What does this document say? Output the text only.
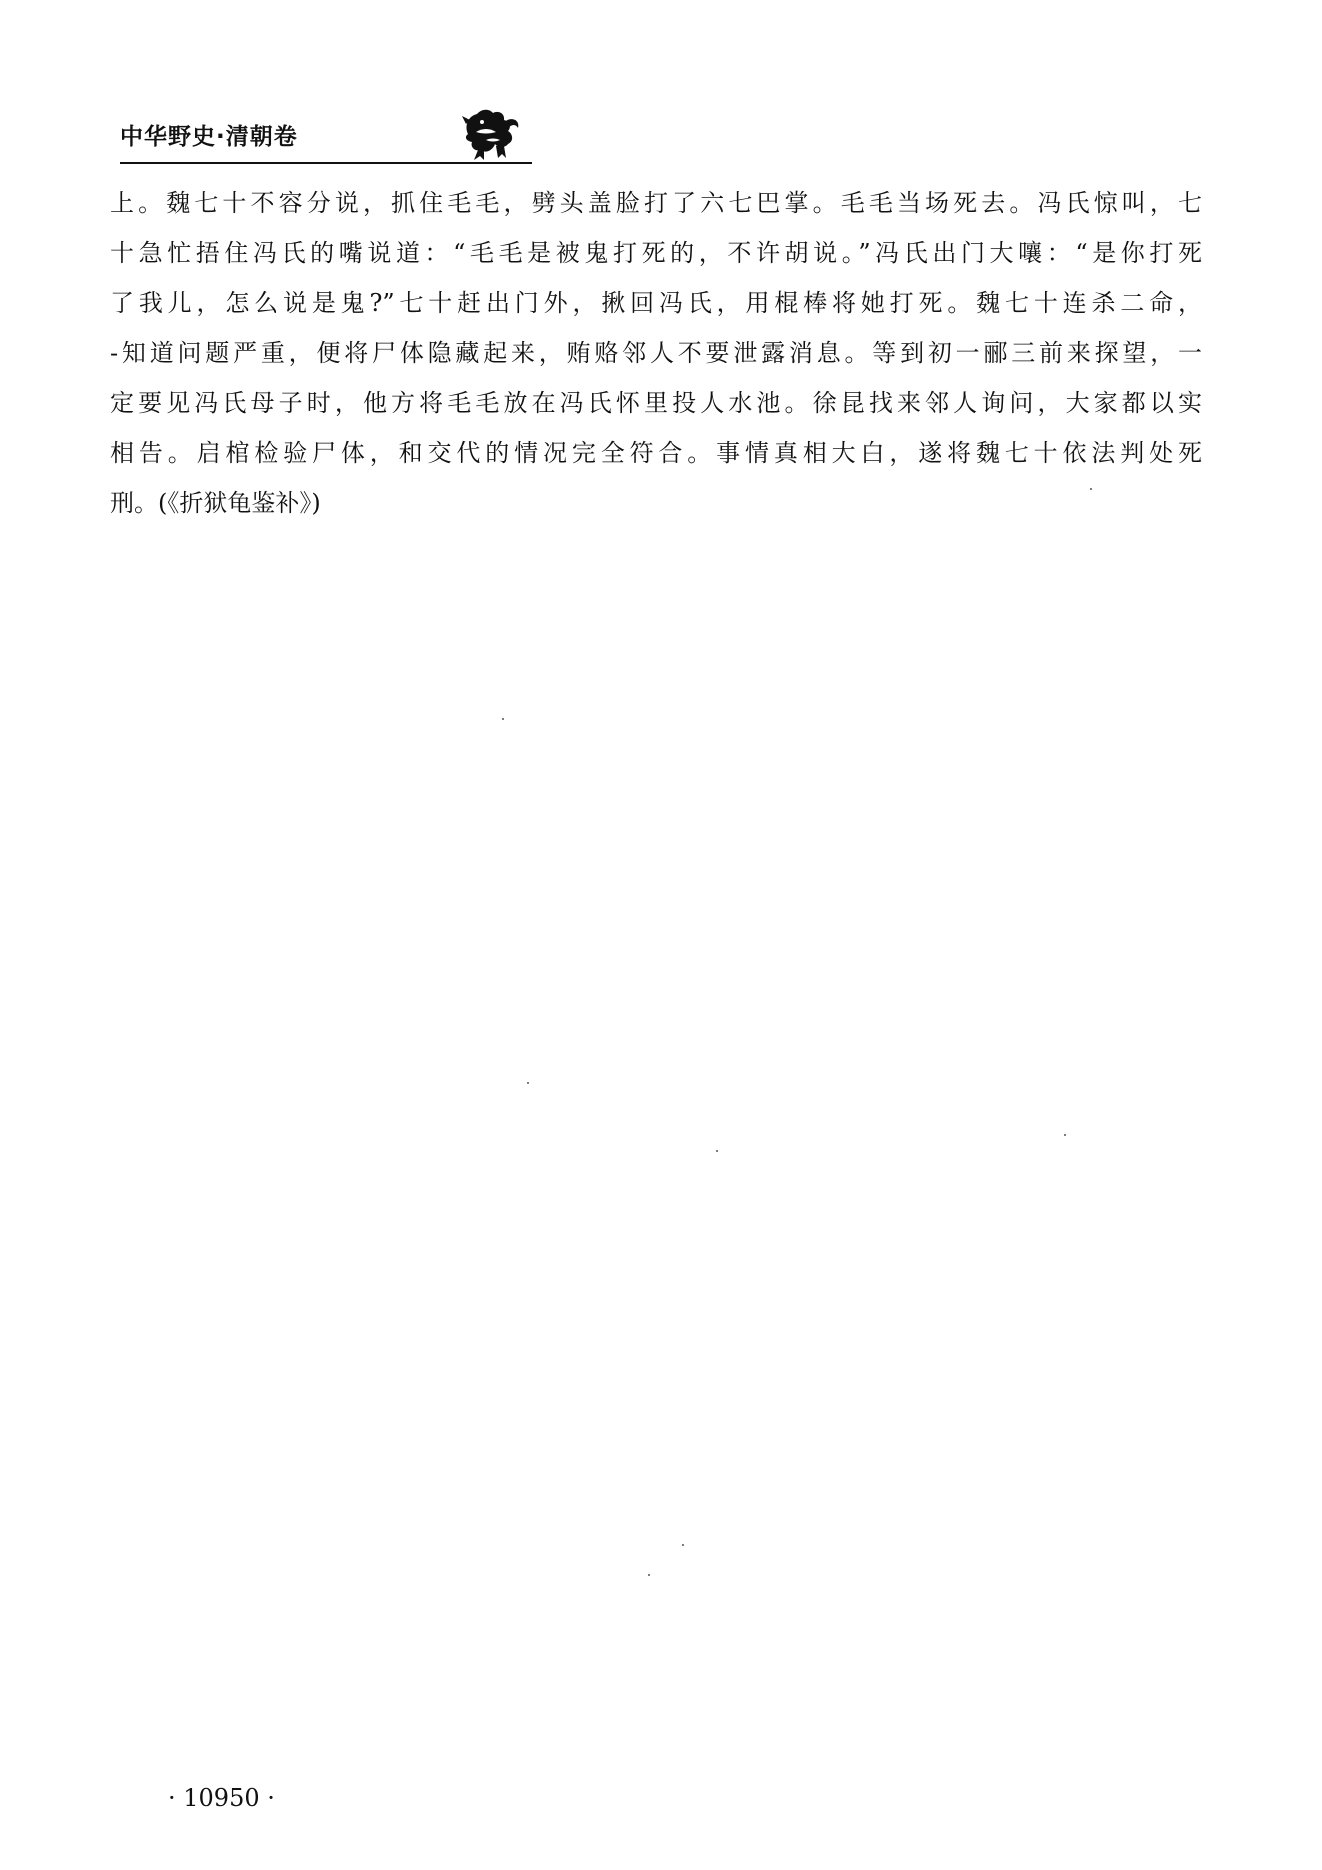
中华野史·清朝卷
上。魏七十不容分说，抓住毛毛，劈头盖脸打了六七巴掌。毛毛当场死去。冯氏惊叫，七
十急忙捂住冯氏的嘴说道：“毛毛是被鬼打死的，不许胡说。”冯氏出门大嚷：“是你打死
了我儿，怎么说是鬼?”七十赶出门外，揪回冯氏，用棍棒将她打死。魏七十连杀二命，
-知道问题严重，便将尸体隐藏起来，贿赂邻人不要泄露消息。等到初一郦三前来探望，一
定要见冯氏母子时，他方将毛毛放在冯氏怀里投人水池。徐昆找来邻人询问，大家都以实
相告。启棺检验尸体，和交代的情况完全符合。事情真相大白，遂将魏七十依法判处死
刑。(《折狱龟鉴补》)
· 10950 ·
